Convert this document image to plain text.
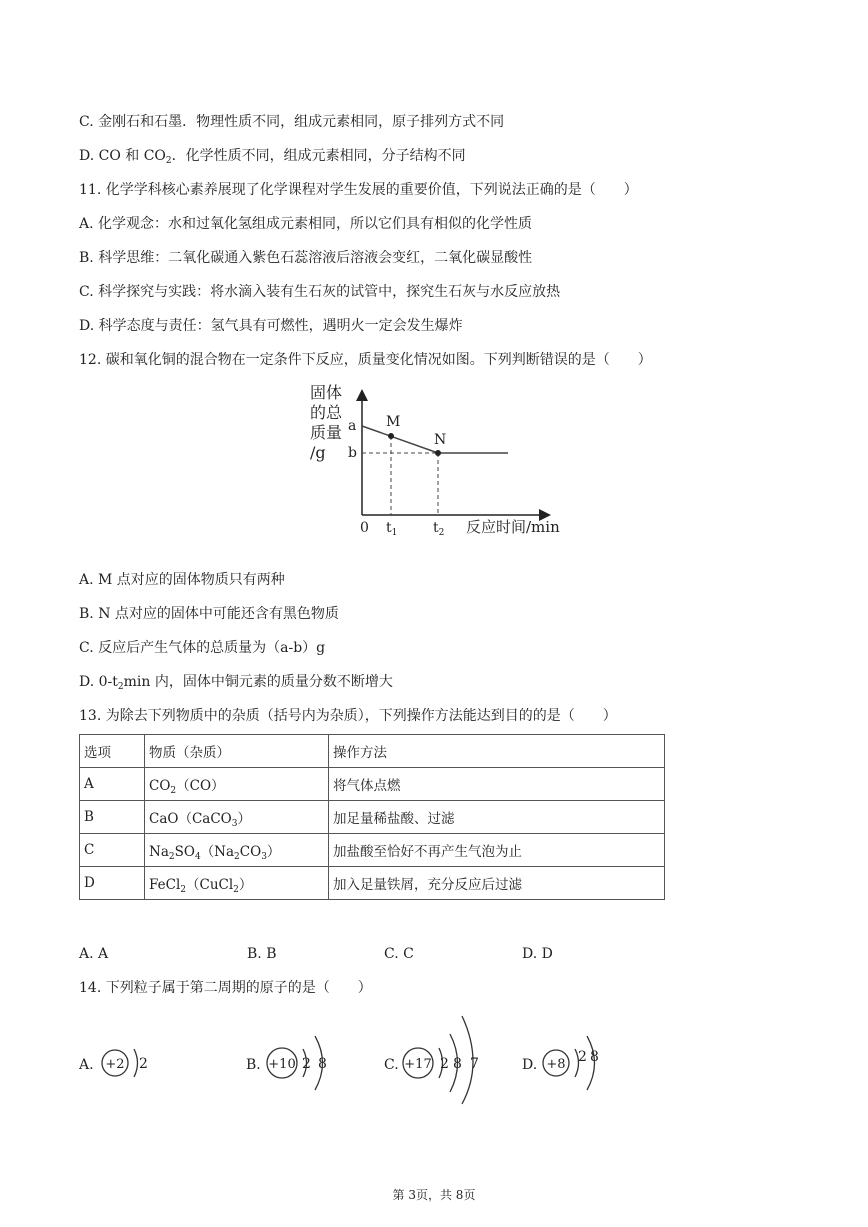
C. 金刚石和石墨．物理性质不同，组成元素相同，原子排列方式不同
D. CO 和 $CO_2$．化学性质不同，组成元素相同，分子结构不同
11. 化学学科核心素养展现了化学课程对学生发展的重要价值，下列说法正确的是（　　）
A. 化学观念：水和过氧化氢组成元素相同，所以它们具有相似的化学性质
B. 科学思维：二氧化碳通入紫色石蕊溶液后溶液会变红，二氧化碳显酸性
C. 科学探究与实践：将水滴入装有生石灰的试管中，探究生石灰与水反应放热
D. 科学态度与责任：氢气具有可燃性，遇明火一定会发生爆炸
12. 碳和氧化铜的混合物在一定条件下反应，质量变化情况如图。下列判断错误的是（　　）
固体
的总
质量
/g
M
N
a
b
0 $t_1$	$t_2$ 反应时间/min
A. M 点对应的固体物质只有两种
B. N 点对应的固体中可能还含有黑色物质
C. 反应后产生气体的总质量为（a-b）g
D. $0-t_2\min$ 内，固体中铜元素的质量分数不断增大
13. 为除去下列物质中的杂质（括号内为杂质），下列操作方法能达到目的的是（　　）
选项	物质（杂质）	操作方法
A	$CO_2(CO)$	将气体点燃
B	CaO（CaCO$_3$）	加足量稀盐酸、过滤
C	$Na_2SO_4(Na_2CO_3)$	加盐酸至恰好不再产生气泡为止
D	FeCl$_2$（CuCl$_2$）	加入足量铁屑，充分反应后过滤
A. A	B. B	C. C	D. D
14. 下列粒子属于第二周期的原子的是（　　）
A. +2 2	B. +10 2 8	C. +17 2 8 7	D. +8 2 8
第 3页，共 8页
